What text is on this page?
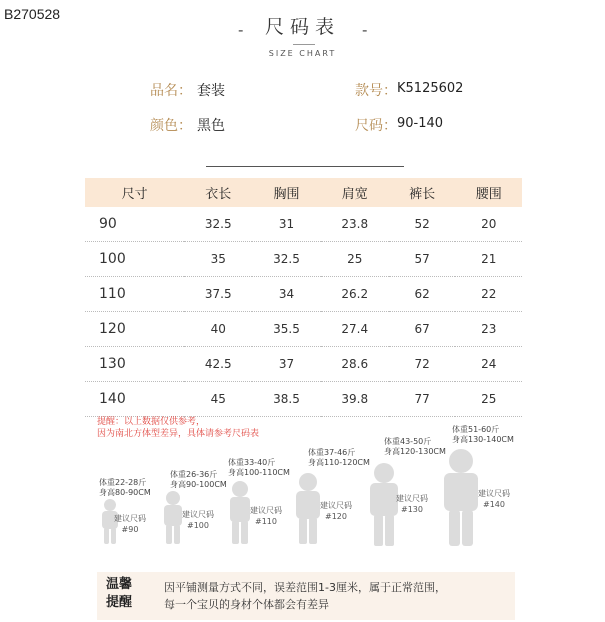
B270528
- 尺码表 -
SIZE CHART
品名： 套装	款号： K5125602
颜色： 黑色	尺码： 90-140
尺寸	衣长	胸围	肩宽	裤长	腰围
90	32.5	31	23.8	52	20
100	35	32.5	25	57	21
110	37.5	34	26.2	62	22
120	40	35.5	27.4	67	23
130	42.5	37	28.6	72	24
140	45	38.5	39.8	77	25
提醒：以上数据仅供参考，
因为南北方体型差异，具体请参考尺码表
体重22-28斤
身高80-90CM
建议尺码
#90
体重26-36斤
身高90-100CM
建议尺码
#100
体重33-40斤
身高100-110CM
建议尺码
#110
体重37-46斤
身高110-120CM
建议尺码
#120
体重43-50斤
身高120-130CM
建议尺码
#130
体重51-60斤
身高130-140CM
建议尺码
#140
温馨
提醒
因平铺测量方式不同，误差范围1-3厘米，属于正常范围，
每一个宝贝的身材个体都会有差异
